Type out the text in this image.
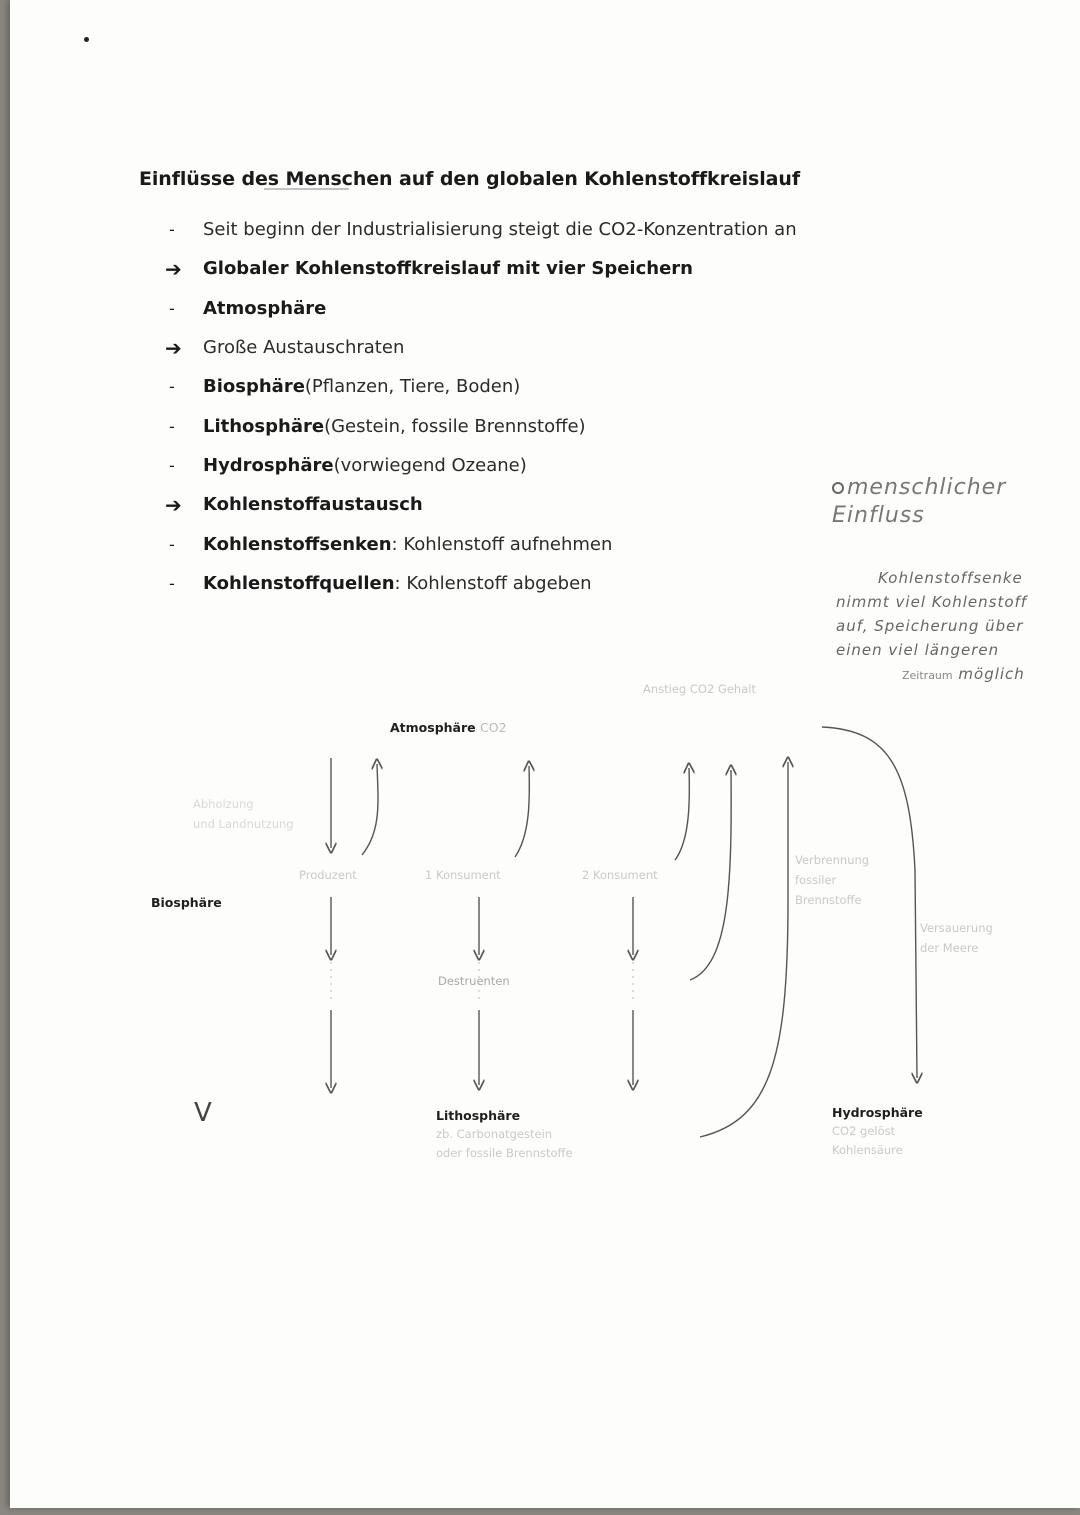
Einflüsse des Menschen auf den globalen Kohlenstoffkreislauf
-	Seit beginn der Industrialisierung steigt die CO2-Konzentration an
➔	Globaler Kohlenstoffkreislauf mit vier Speichern
-	Atmosphäre
➔	Große Austauschraten
-	Biosphäre (Pflanzen, Tiere, Boden)
-	Lithosphäre (Gestein, fossile Brennstoffe)
-	Hydrosphäre (vorwiegend Ozeane)
➔	Kohlenstoffaustausch
-	Kohlenstoffsenken : Kohlenstoff aufnehmen
-	Kohlenstoffquellen : Kohlenstoff abgeben
menschlicher
Einfluss
Kohlenstoffsenke
nimmt viel Kohlenstoff
auf, Speicherung über
einen viel längeren
Zeitraum möglich
V
Atmosphäre CO2
Anstieg CO2 Gehalt
Abholzung
und Landnutzung
Produzent	1 Konsument	2 Konsument
Biosphäre
Destruenten
Verbrennung
fossiler
Brennstoffe
Versauerung
der Meere
Lithosphäre
zb. Carbonatgestein
oder fossile Brennstoffe
Hydrosphäre
CO2 gelöst
Kohlensäure
